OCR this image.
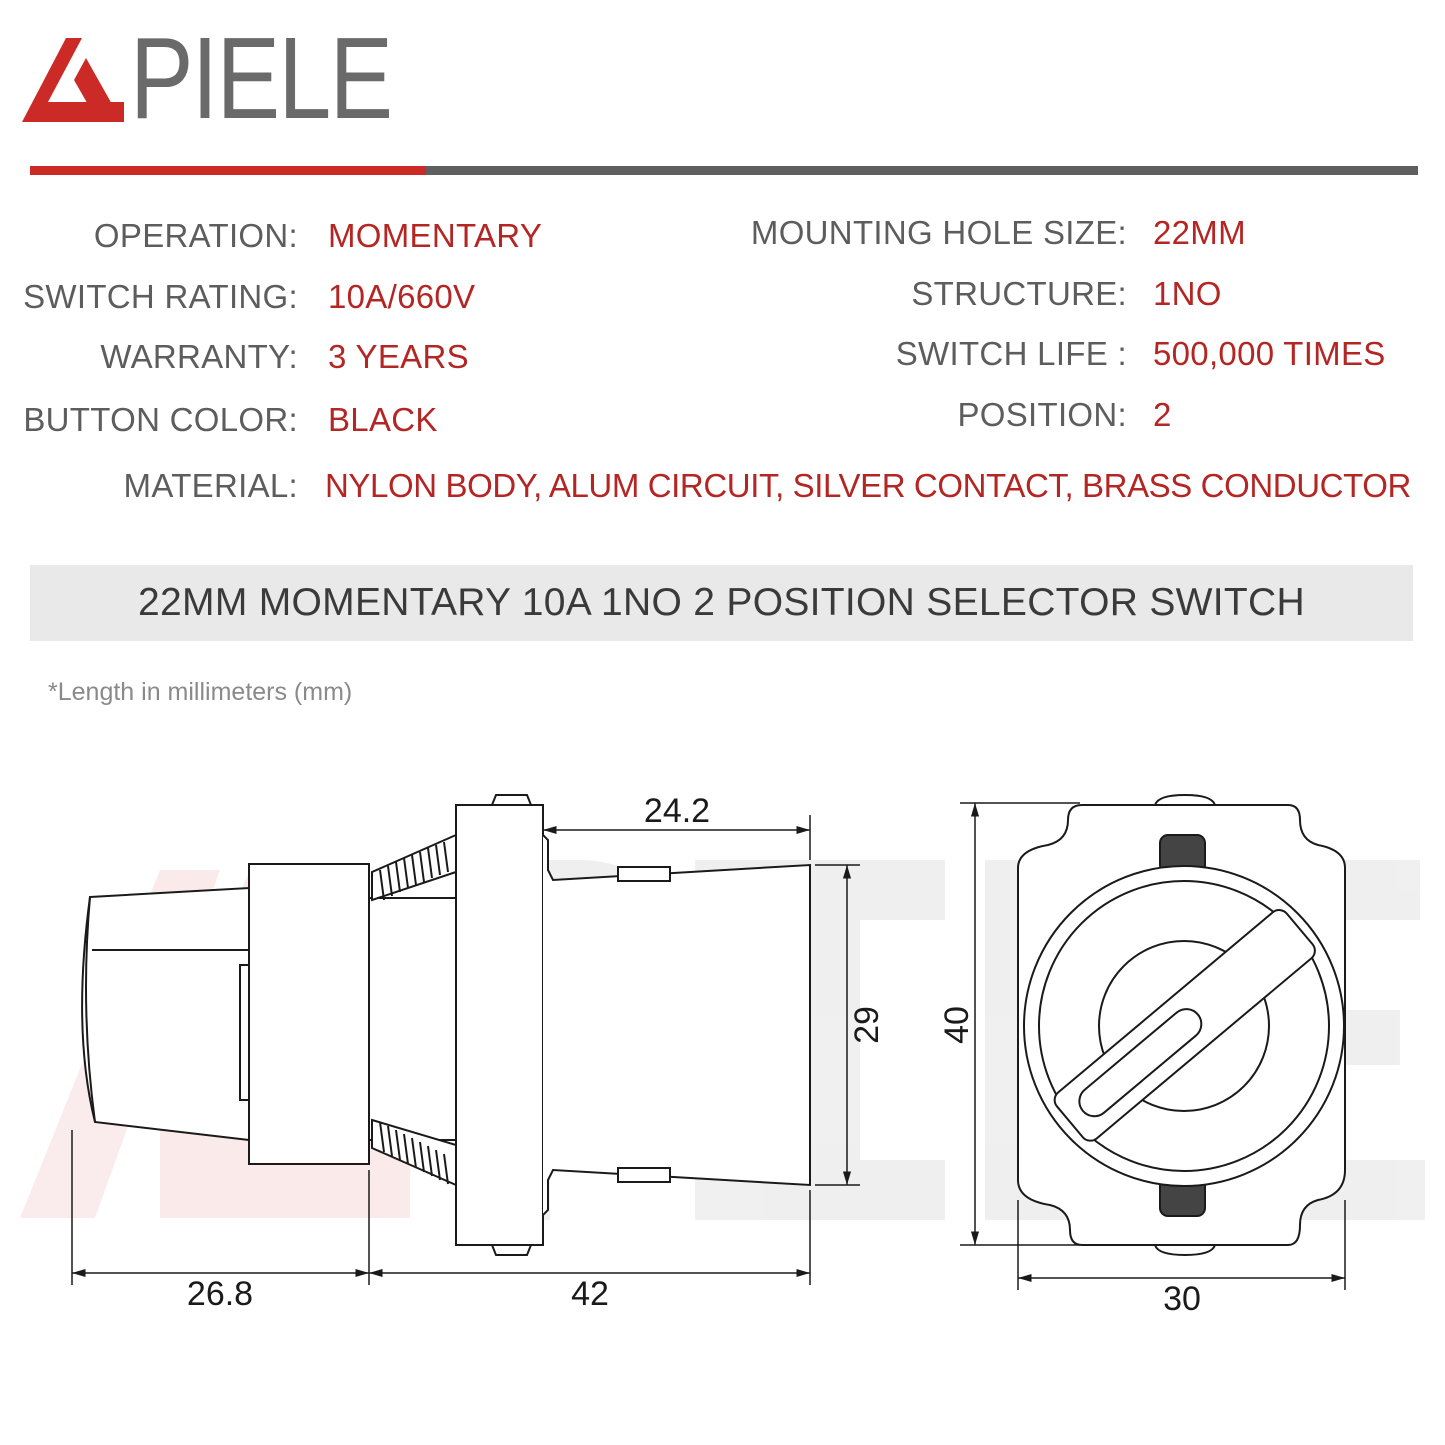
PIELE
OPERATION: MOMENTARY
SWITCH RATING: 10A/660V
WARRANTY: 3 YEARS
BUTTON COLOR: BLACK
MOUNTING HOLE SIZE: 22MM
STRUCTURE: 1NO
SWITCH LIFE : 500,000 TIMES
POSITION: 2
MATERIAL: NYLON BODY, ALUM CIRCUIT, SILVER CONTACT, BRASS CONDUCTOR
22MM MOMENTARY 10A 1NO 2 POSITION SELECTOR SWITCH
*Length in millimeters (mm)
24.2
29
26.8	42
40
30
